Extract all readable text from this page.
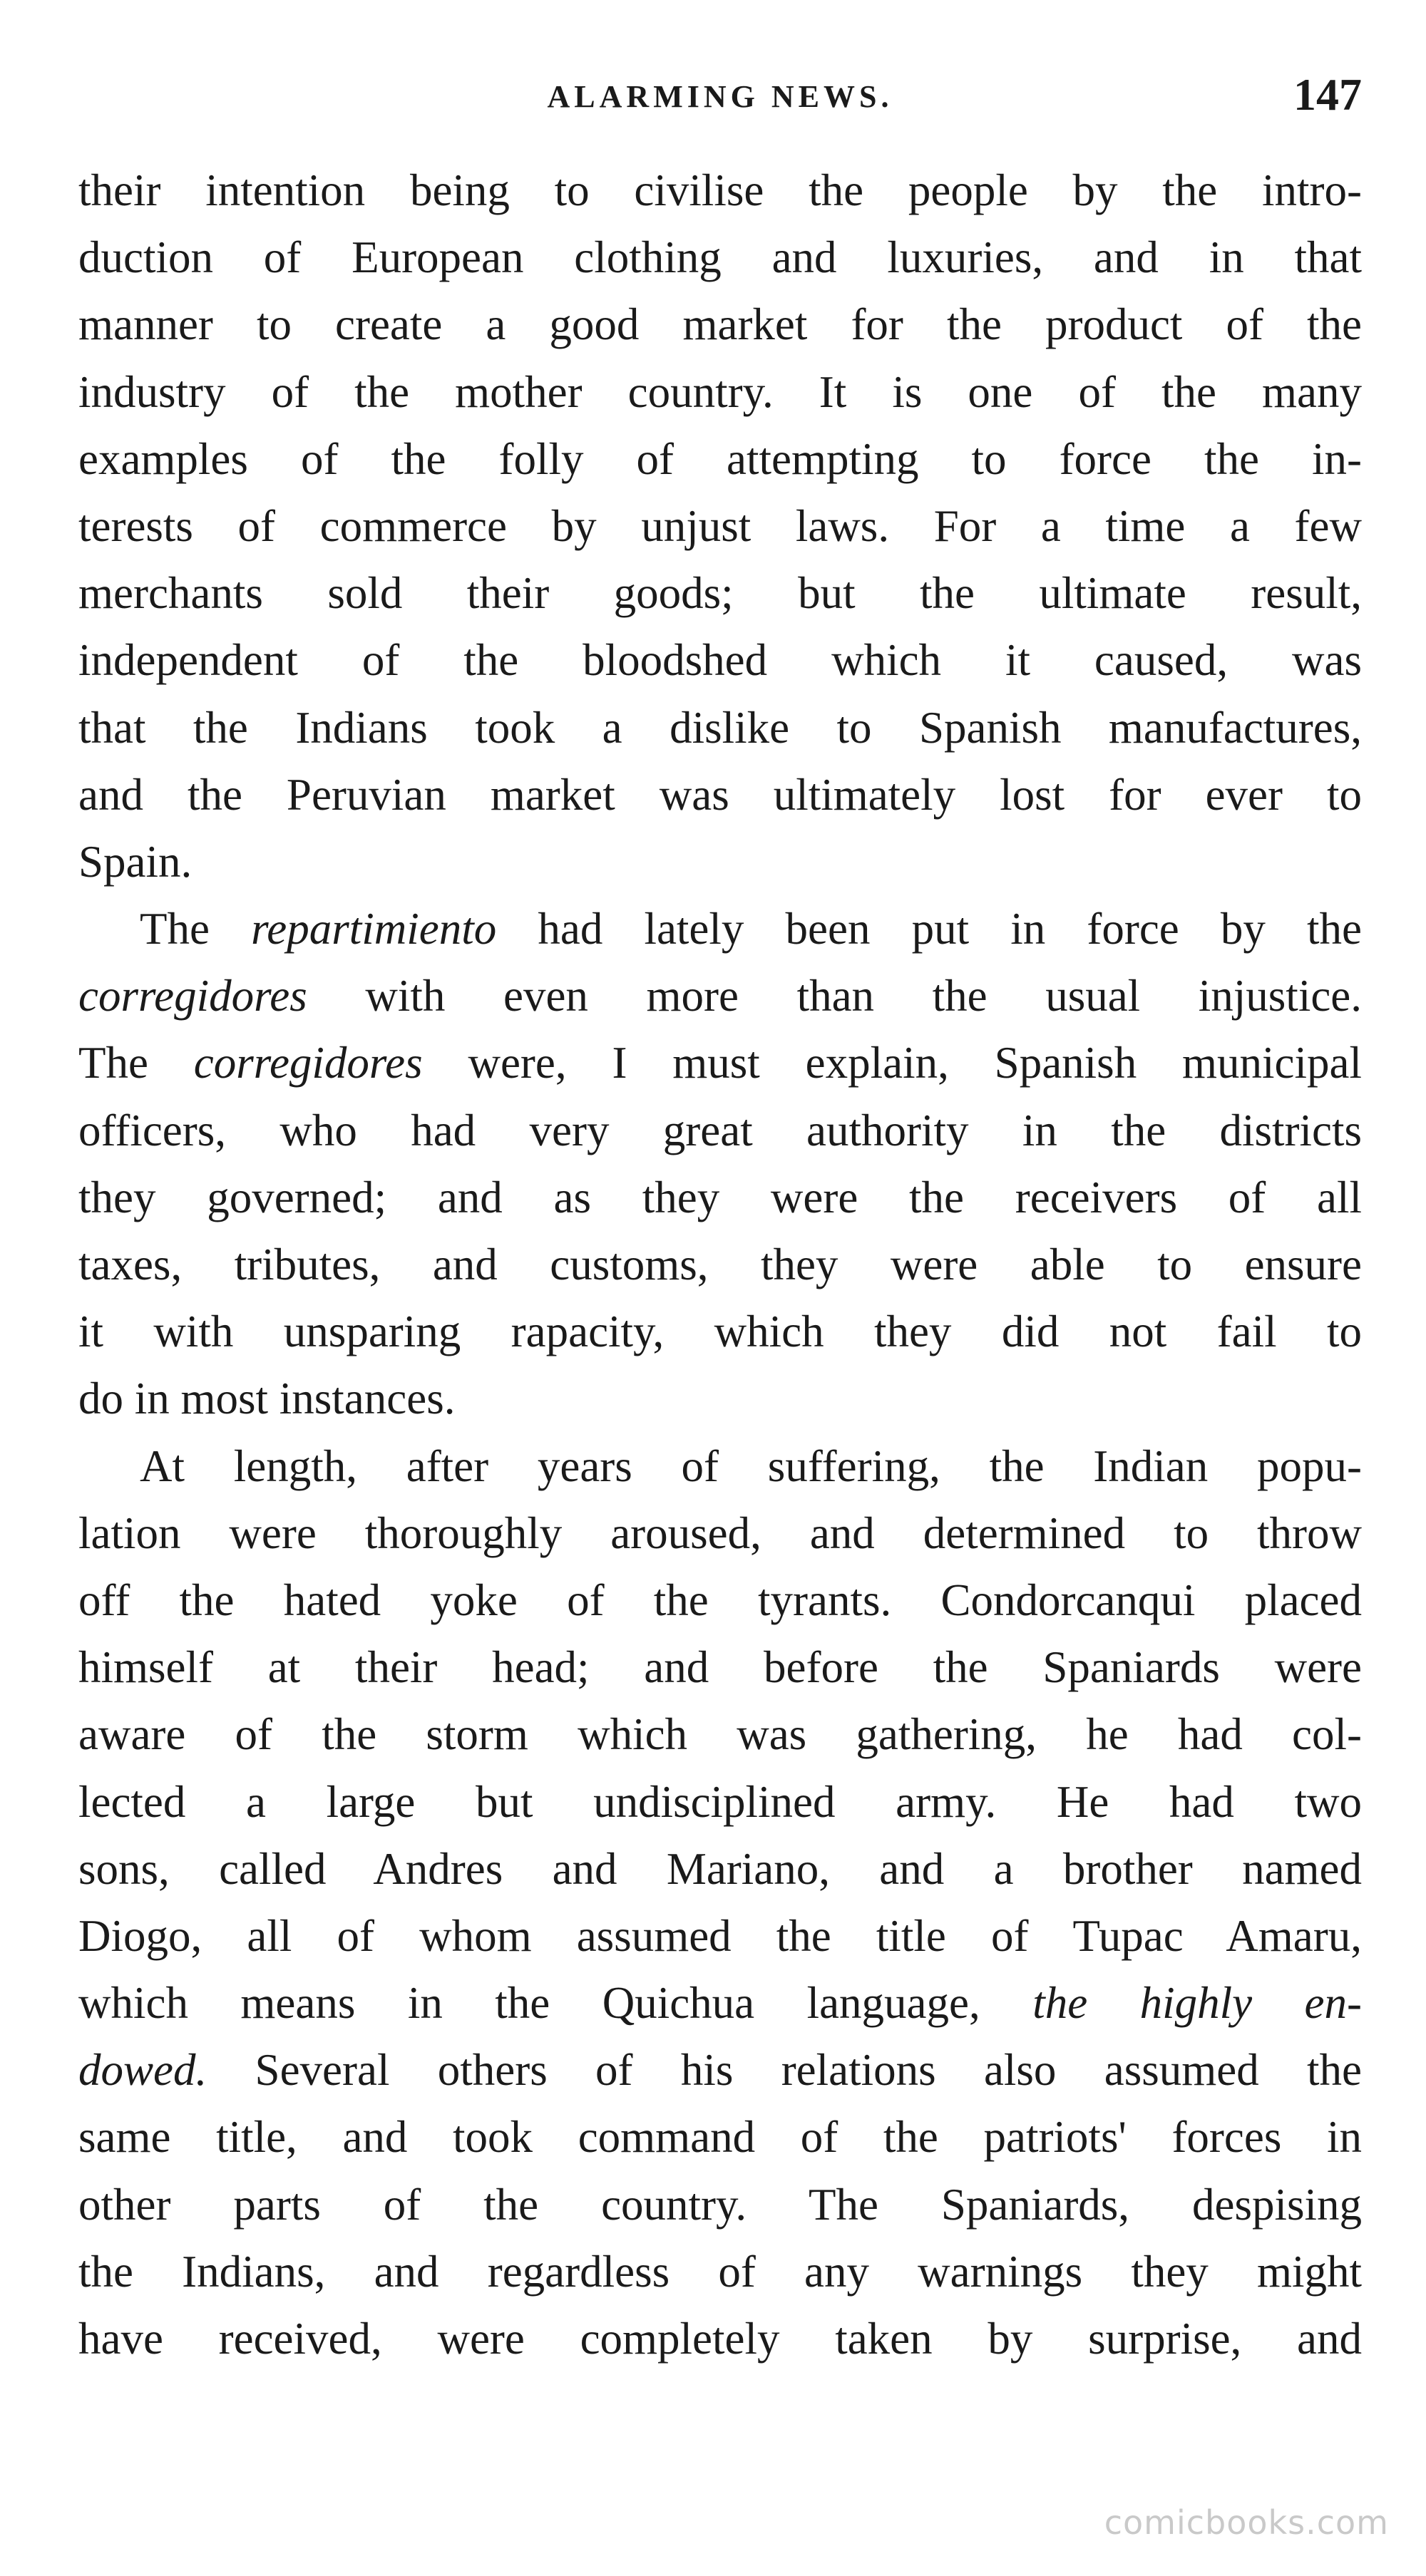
ALARMING NEWS.	147
their intention being to civilise the people by the intro-
duction of European clothing and luxuries, and in that
manner to create a good market for the product of the
industry of the mother country. It is one of the many
examples of the folly of attempting to force the in-
terests of commerce by unjust laws. For a time a few
merchants sold their goods; but the ultimate result,
independent of the bloodshed which it caused, was
that the Indians took a dislike to Spanish manufactures,
and the Peruvian market was ultimately lost for ever to
Spain.
The repartimiento had lately been put in force by the
corregidores with even more than the usual injustice.
The corregidores were, I must explain, Spanish municipal
officers, who had very great authority in the districts
they governed; and as they were the receivers of all
taxes, tributes, and customs, they were able to ensure
it with unsparing rapacity, which they did not fail to
do in most instances.
At length, after years of suffering, the Indian popu-
lation were thoroughly aroused, and determined to throw
off the hated yoke of the tyrants. Condorcanqui placed
himself at their head; and before the Spaniards were
aware of the storm which was gathering, he had col-
lected a large but undisciplined army. He had two
sons, called Andres and Mariano, and a brother named
Diogo, all of whom assumed the title of Tupac Amaru,
which means in the Quichua language, the highly en-
dowed. Several others of his relations also assumed the
same title, and took command of the patriots' forces in
other parts of the country. The Spaniards, despising
the Indians, and regardless of any warnings they might
have received, were completely taken by surprise, and
comicbooks.com
